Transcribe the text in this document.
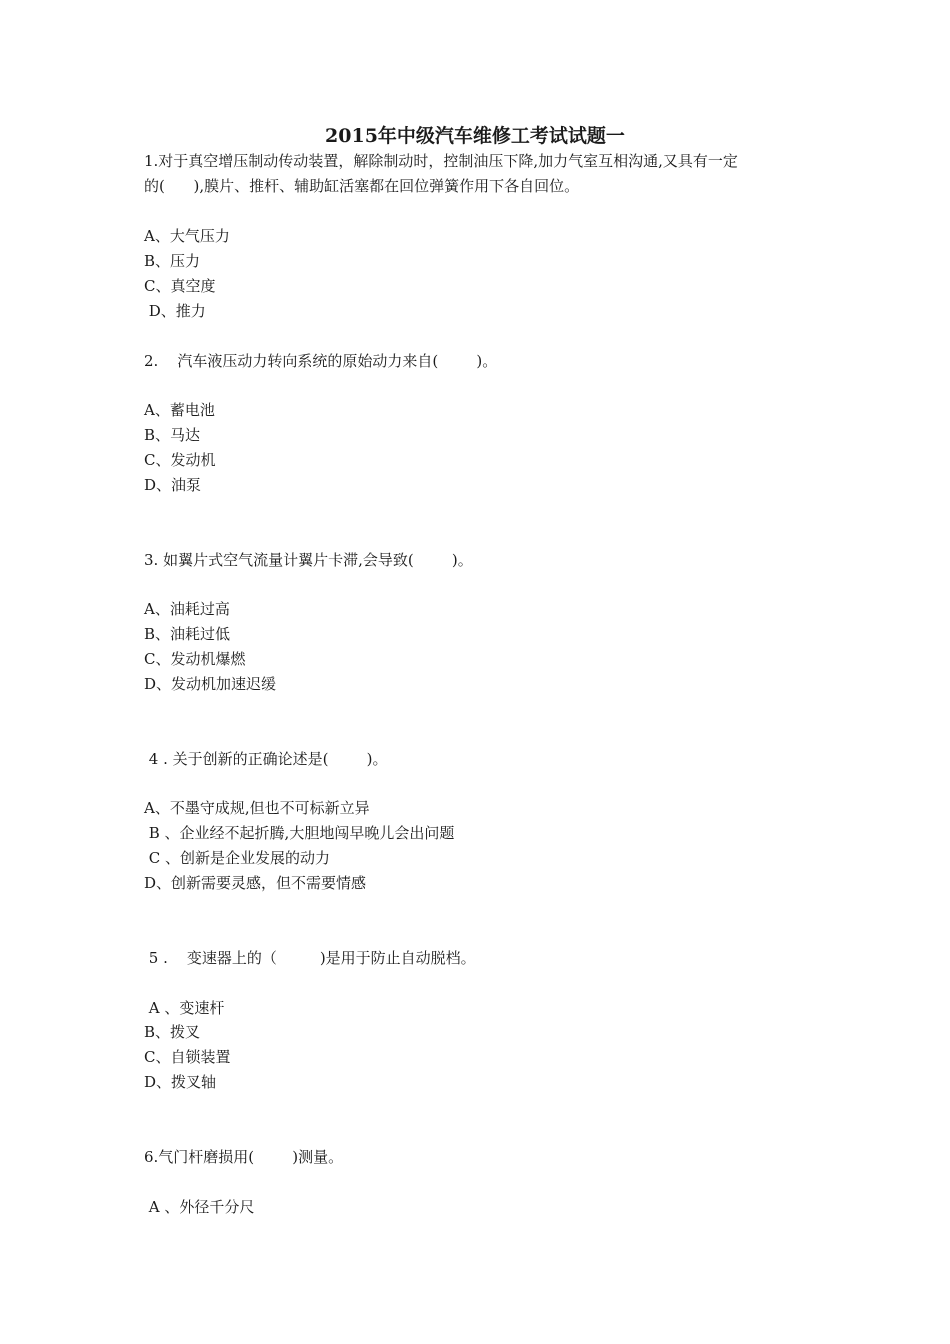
2015年中级汽车维修工考试试题一
1.对于真空增压制动传动装置，解除制动时，控制油压下降,加力气室互相沟通,又具有一定
的(      ),膜片、推杆、辅助缸活塞都在回位弹簧作用下各自回位。
A、大气压力
B、压力
C、真空度
D、推力
2.    汽车液压动力转向系统的原始动力来自(        )。
A、蓄电池
B、马达
C、发动机
D、油泵
3. 如翼片式空气流量计翼片卡滞,会导致(        )。
A、油耗过高
B、油耗过低
C、发动机爆燃
D、发动机加速迟缓
4 . 关于创新的正确论述是(        )。
A、不墨守成规,但也不可标新立异
B 、企业经不起折腾,大胆地闯早晚儿会出问题
C 、创新是企业发展的动力
D、创新需要灵感，但不需要情感
5 .    变速器上的（         )是用于防止自动脱档。
A 、变速杆
B、拨叉
C、自锁装置
D、拨叉轴
6.气门杆磨损用(        )测量。
A 、外径千分尺
